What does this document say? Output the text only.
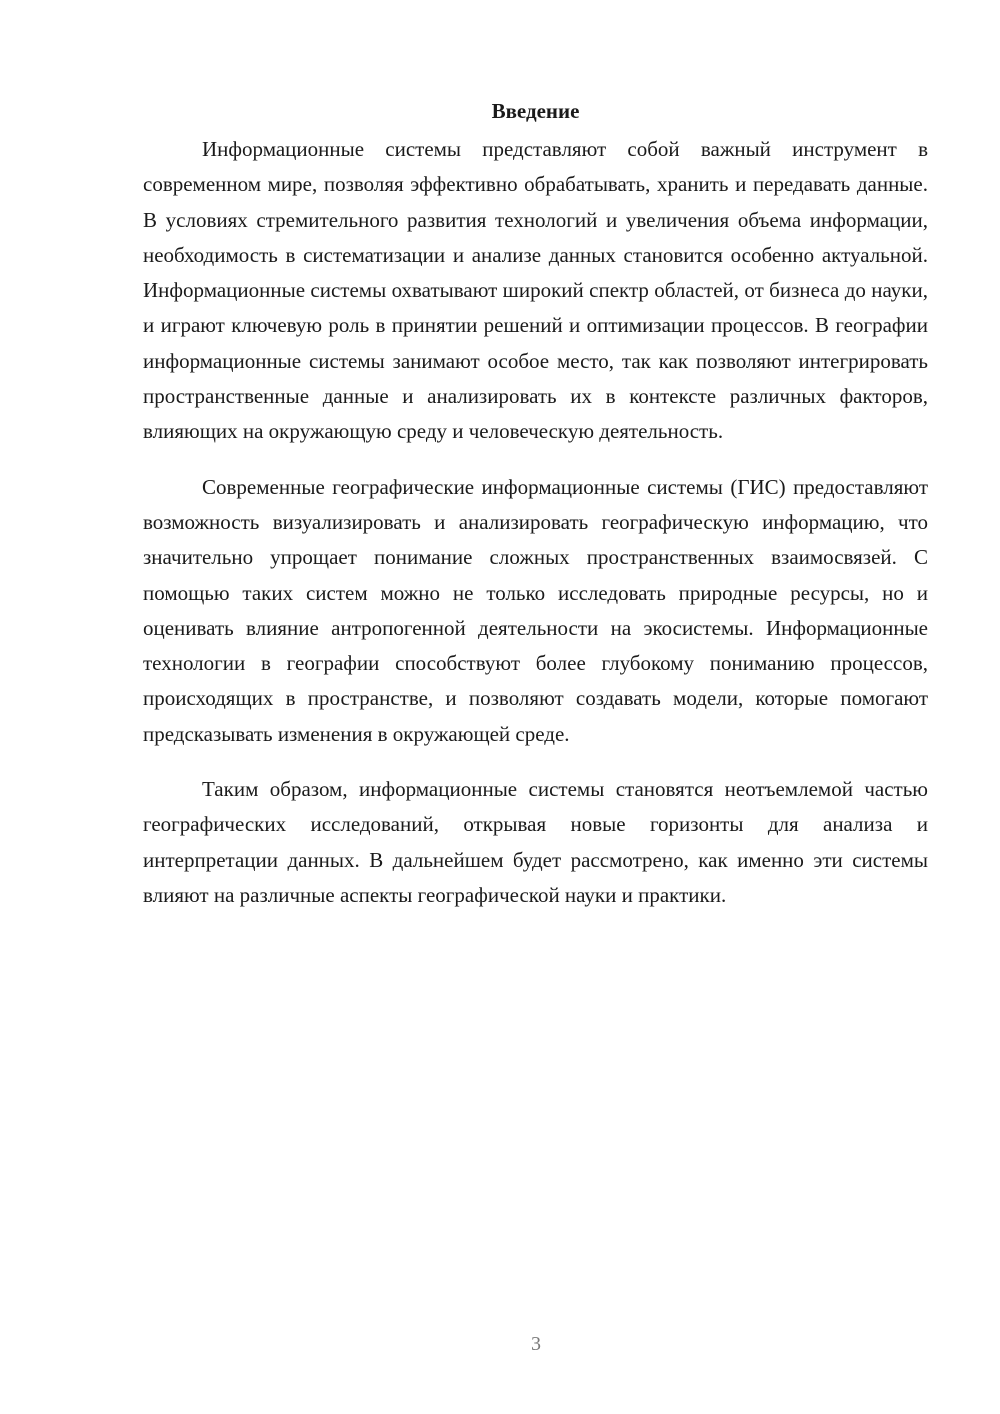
Введение

Информационные системы представляют собой важный инструмент в современном мире, позволяя эффективно обрабатывать, хранить и передавать данные. В условиях стремительного развития технологий и увеличения объема информации, необходимость в систематизации и анализе данных становится особенно актуальной. Информационные системы охватывают широкий спектр областей, от бизнеса до науки, и играют ключевую роль в принятии решений и оптимизации процессов. В географии информационные системы занимают особое место, так как позволяют интегрировать пространственные данные и анализировать их в контексте различных факторов, влияющих на окружающую среду и человеческую деятельность.

Современные географические информационные системы (ГИС) предоставляют возможность визуализировать и анализировать географическую информацию, что значительно упрощает понимание сложных пространственных взаимосвязей. С помощью таких систем можно не только исследовать природные ресурсы, но и оценивать влияние антропогенной деятельности на экосистемы. Информационные технологии в географии способствуют более глубокому пониманию процессов, происходящих в пространстве, и позволяют создавать модели, которые помогают предсказывать изменения в окружающей среде.

Таким образом, информационные системы становятся неотъемлемой частью географических исследований, открывая новые горизонты для анализа и интерпретации данных. В дальнейшем будет рассмотрено, как именно эти системы влияют на различные аспекты географической науки и практики.

3
